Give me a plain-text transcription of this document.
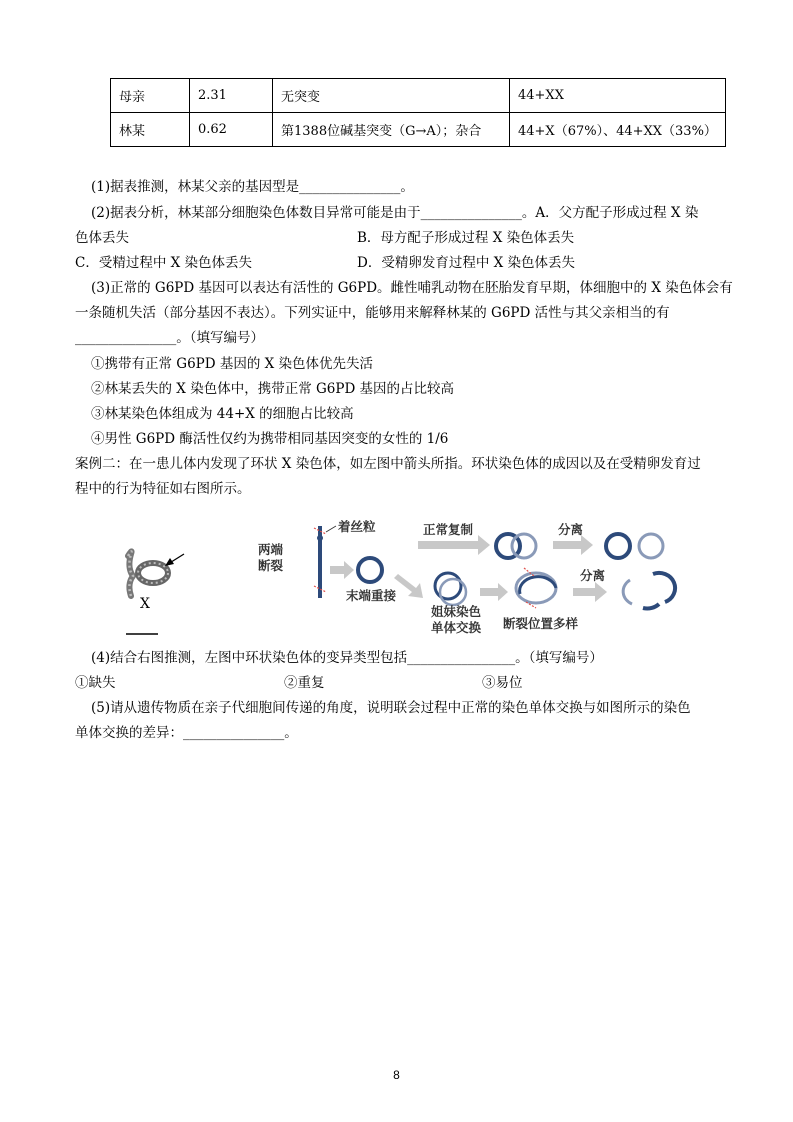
母亲	2.31	无突变	44+XX
林某	0.62	第1388位碱基突变（G→A）；杂合	44+X（67%）、44+XX（33%）
(1)据表推测，林某父亲的基因型是_______________。
(2)据表分析，林某部分细胞染色体数目异常可能是由于_______________。A．父方配子形成过程 X 染
色体丢失	B．母方配子形成过程 X 染色体丢失
C．受精过程中 X 染色体丢失	D．受精卵发育过程中 X 染色体丢失
(3)正常的 G6PD 基因可以表达有活性的 G6PD。雌性哺乳动物在胚胎发育早期，体细胞中的 X 染色体会有
一条随机失活（部分基因不表达）。下列实证中，能够用来解释林某的 G6PD 活性与其父亲相当的有
_______________。（填写编号）
①携带有正常 G6PD 基因的 X 染色体优先失活
②林某丢失的 X 染色体中，携带正常 G6PD 基因的占比较高
③林某染色体组成为 44+X 的细胞占比较高
④男性 G6PD 酶活性仅约为携带相同基因突变的女性的 1/6
案例二：在一患儿体内发现了环状 X 染色体，如左图中箭头所指。环状染色体的成因以及在受精卵发育过
程中的行为特征如右图所示。
X
两端
断裂
着丝粒
末端重接
正常复制	分离
姐妹染色
单体交换 断裂位置多样
分离
(4)结合右图推测，左图中环状染色体的变异类型包括________________。（填写编号）
①缺失	②重复	③易位
(5)请从遗传物质在亲子代细胞间传递的角度，说明联会过程中正常的染色单体交换与如图所示的染色
单体交换的差异：_______________。
8
